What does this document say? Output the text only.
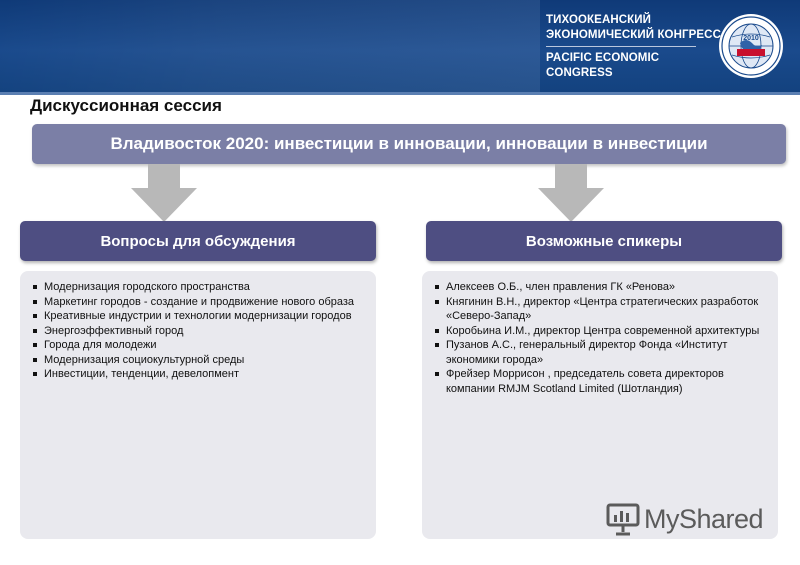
ТИХООКЕАНСКИЙ
ЭКОНОМИЧЕСКИЙ КОНГРЕСС
PACIFIC ECONOMIC
CONGRESS
2010
Дискуссионная сессия
Владивосток 2020: инвестиции в инновации, инновации в инвестиции
Вопросы для обсуждения	Возможные спикеры
Модернизация городского пространства
Маркетинг городов - создание и продвижение нового образа
Креативные индустрии и технологии модернизации городов
Энергоэффективный город
Города для молодежи
Модернизация социокультурной среды
Инвестиции, тенденции, девелопмент
Алексеев О.Б., член правления ГК «Ренова»
Княгинин В.Н., директор «Центра стратегических разработок «Северо-Запад»
Коробьина И.М., директор Центра современной архитектуры
Пузанов А.С., генеральный директор Фонда «Институт экономики города»
Фрейзер Моррисон , председатель совета директоров компании RMJM Scotland Limited (Шотландия)
MyShared
